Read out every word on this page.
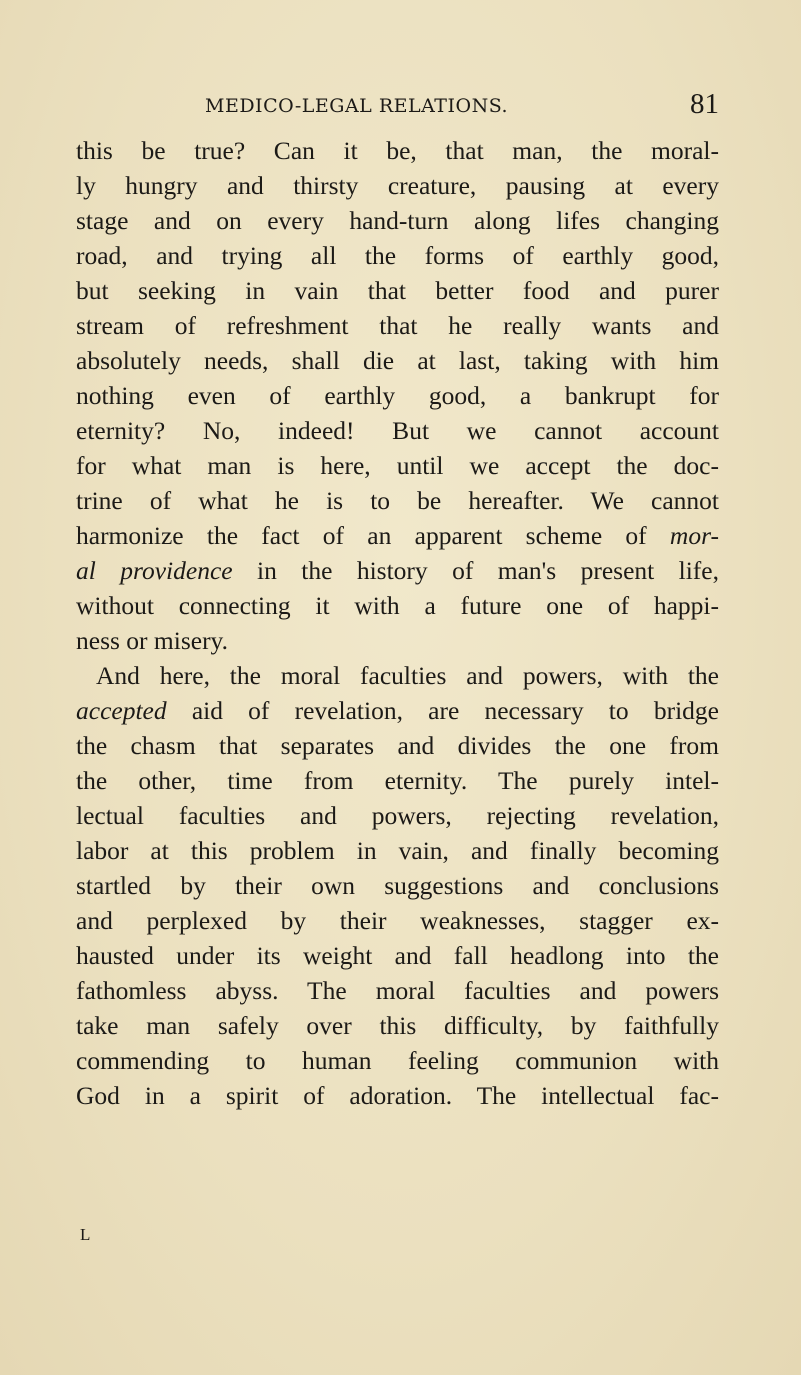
MEDICO-LEGAL RELATIONS.	81
this be true? Can it be, that man, the moral-
ly hungry and thirsty creature, pausing at every
stage and on every hand-turn along lifes changing
road, and trying all the forms of earthly good,
but seeking in vain that better food and purer
stream of refreshment that he really wants and
absolutely needs, shall die at last, taking with him
nothing even of earthly good, a bankrupt for
eternity? No, indeed! But we cannot account
for what man is here, until we accept the doc-
trine of what he is to be hereafter. We cannot
harmonize the fact of an apparent scheme of mor-
al providence in the history of man's present life,
without connecting it with a future one of happi-
ness or misery.
And here, the moral faculties and powers, with the
accepted aid of revelation, are necessary to bridge
the chasm that separates and divides the one from
the other, time from eternity. The purely intel-
lectual faculties and powers, rejecting revelation,
labor at this problem in vain, and finally becoming
startled by their own suggestions and conclusions
and perplexed by their weaknesses, stagger ex-
hausted under its weight and fall headlong into the
fathomless abyss. The moral faculties and powers
take man safely over this difficulty, by faithfully
commending to human feeling communion with
God in a spirit of adoration. The intellectual fac-
L
